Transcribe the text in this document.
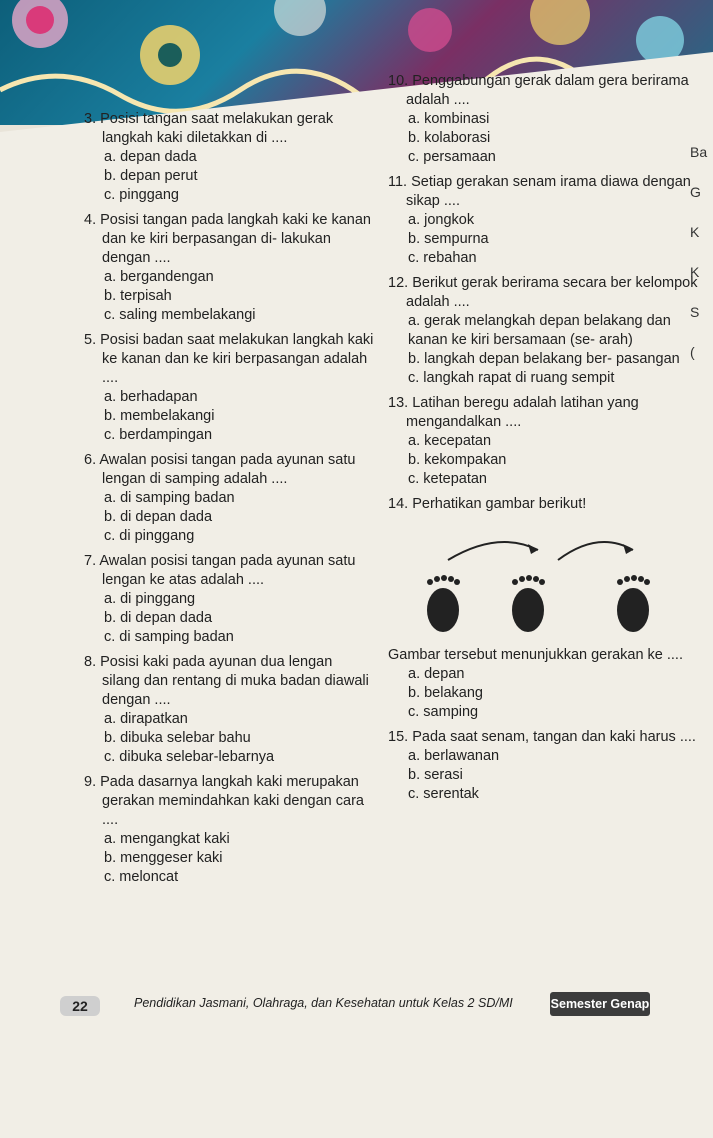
3. Posisi tangan saat melakukan gerak langkah kaki diletakkan di ....
a. depan dada
b. depan perut
c. pinggang
4. Posisi tangan pada langkah kaki ke kanan dan ke kiri berpasangan di- lakukan dengan ....
a. bergandengan
b. terpisah
c. saling membelakangi
5. Posisi badan saat melakukan langkah kaki ke kanan dan ke kiri berpasangan adalah ....
a. berhadapan
b. membelakangi
c. berdampingan
6. Awalan posisi tangan pada ayunan satu lengan di samping adalah ....
a. di samping badan
b. di depan dada
c. di pinggang
7. Awalan posisi tangan pada ayunan satu lengan ke atas adalah ....
a. di pinggang
b. di depan dada
c. di samping badan
8. Posisi kaki pada ayunan dua lengan silang dan rentang di muka badan diawali dengan ....
a. dirapatkan
b. dibuka selebar bahu
c. dibuka selebar-lebarnya
9. Pada dasarnya langkah kaki merupakan gerakan memindahkan kaki dengan cara ....
a. mengangkat kaki
b. menggeser kaki
c. meloncat
10. Penggabungan gerak dalam gera berirama adalah ....
a. kombinasi
b. kolaborasi
c. persamaan
11. Setiap gerakan senam irama diawa dengan sikap ....
a. jongkok
b. sempurna
c. rebahan
12. Berikut gerak berirama secara ber kelompok adalah ....
a. gerak melangkah depan belakang dan kanan ke kiri bersamaan (se- arah)
b. langkah depan belakang ber- pasangan
c. langkah rapat di ruang sempit
13. Latihan beregu adalah latihan yang mengandalkan ....
a. kecepatan
b. kekompakan
c. ketepatan
14. Perhatikan gambar berikut!
Gambar tersebut menunjukkan gerakan ke ....
a. depan
b. belakang
c. samping
15. Pada saat senam, tangan dan kaki harus ....
a. berlawanan
b. serasi
c. serentak
Ba
G
K
K
S
(
22	Pendidikan Jasmani, Olahraga, dan Kesehatan untuk Kelas 2 SD/MI	Semester Genap
